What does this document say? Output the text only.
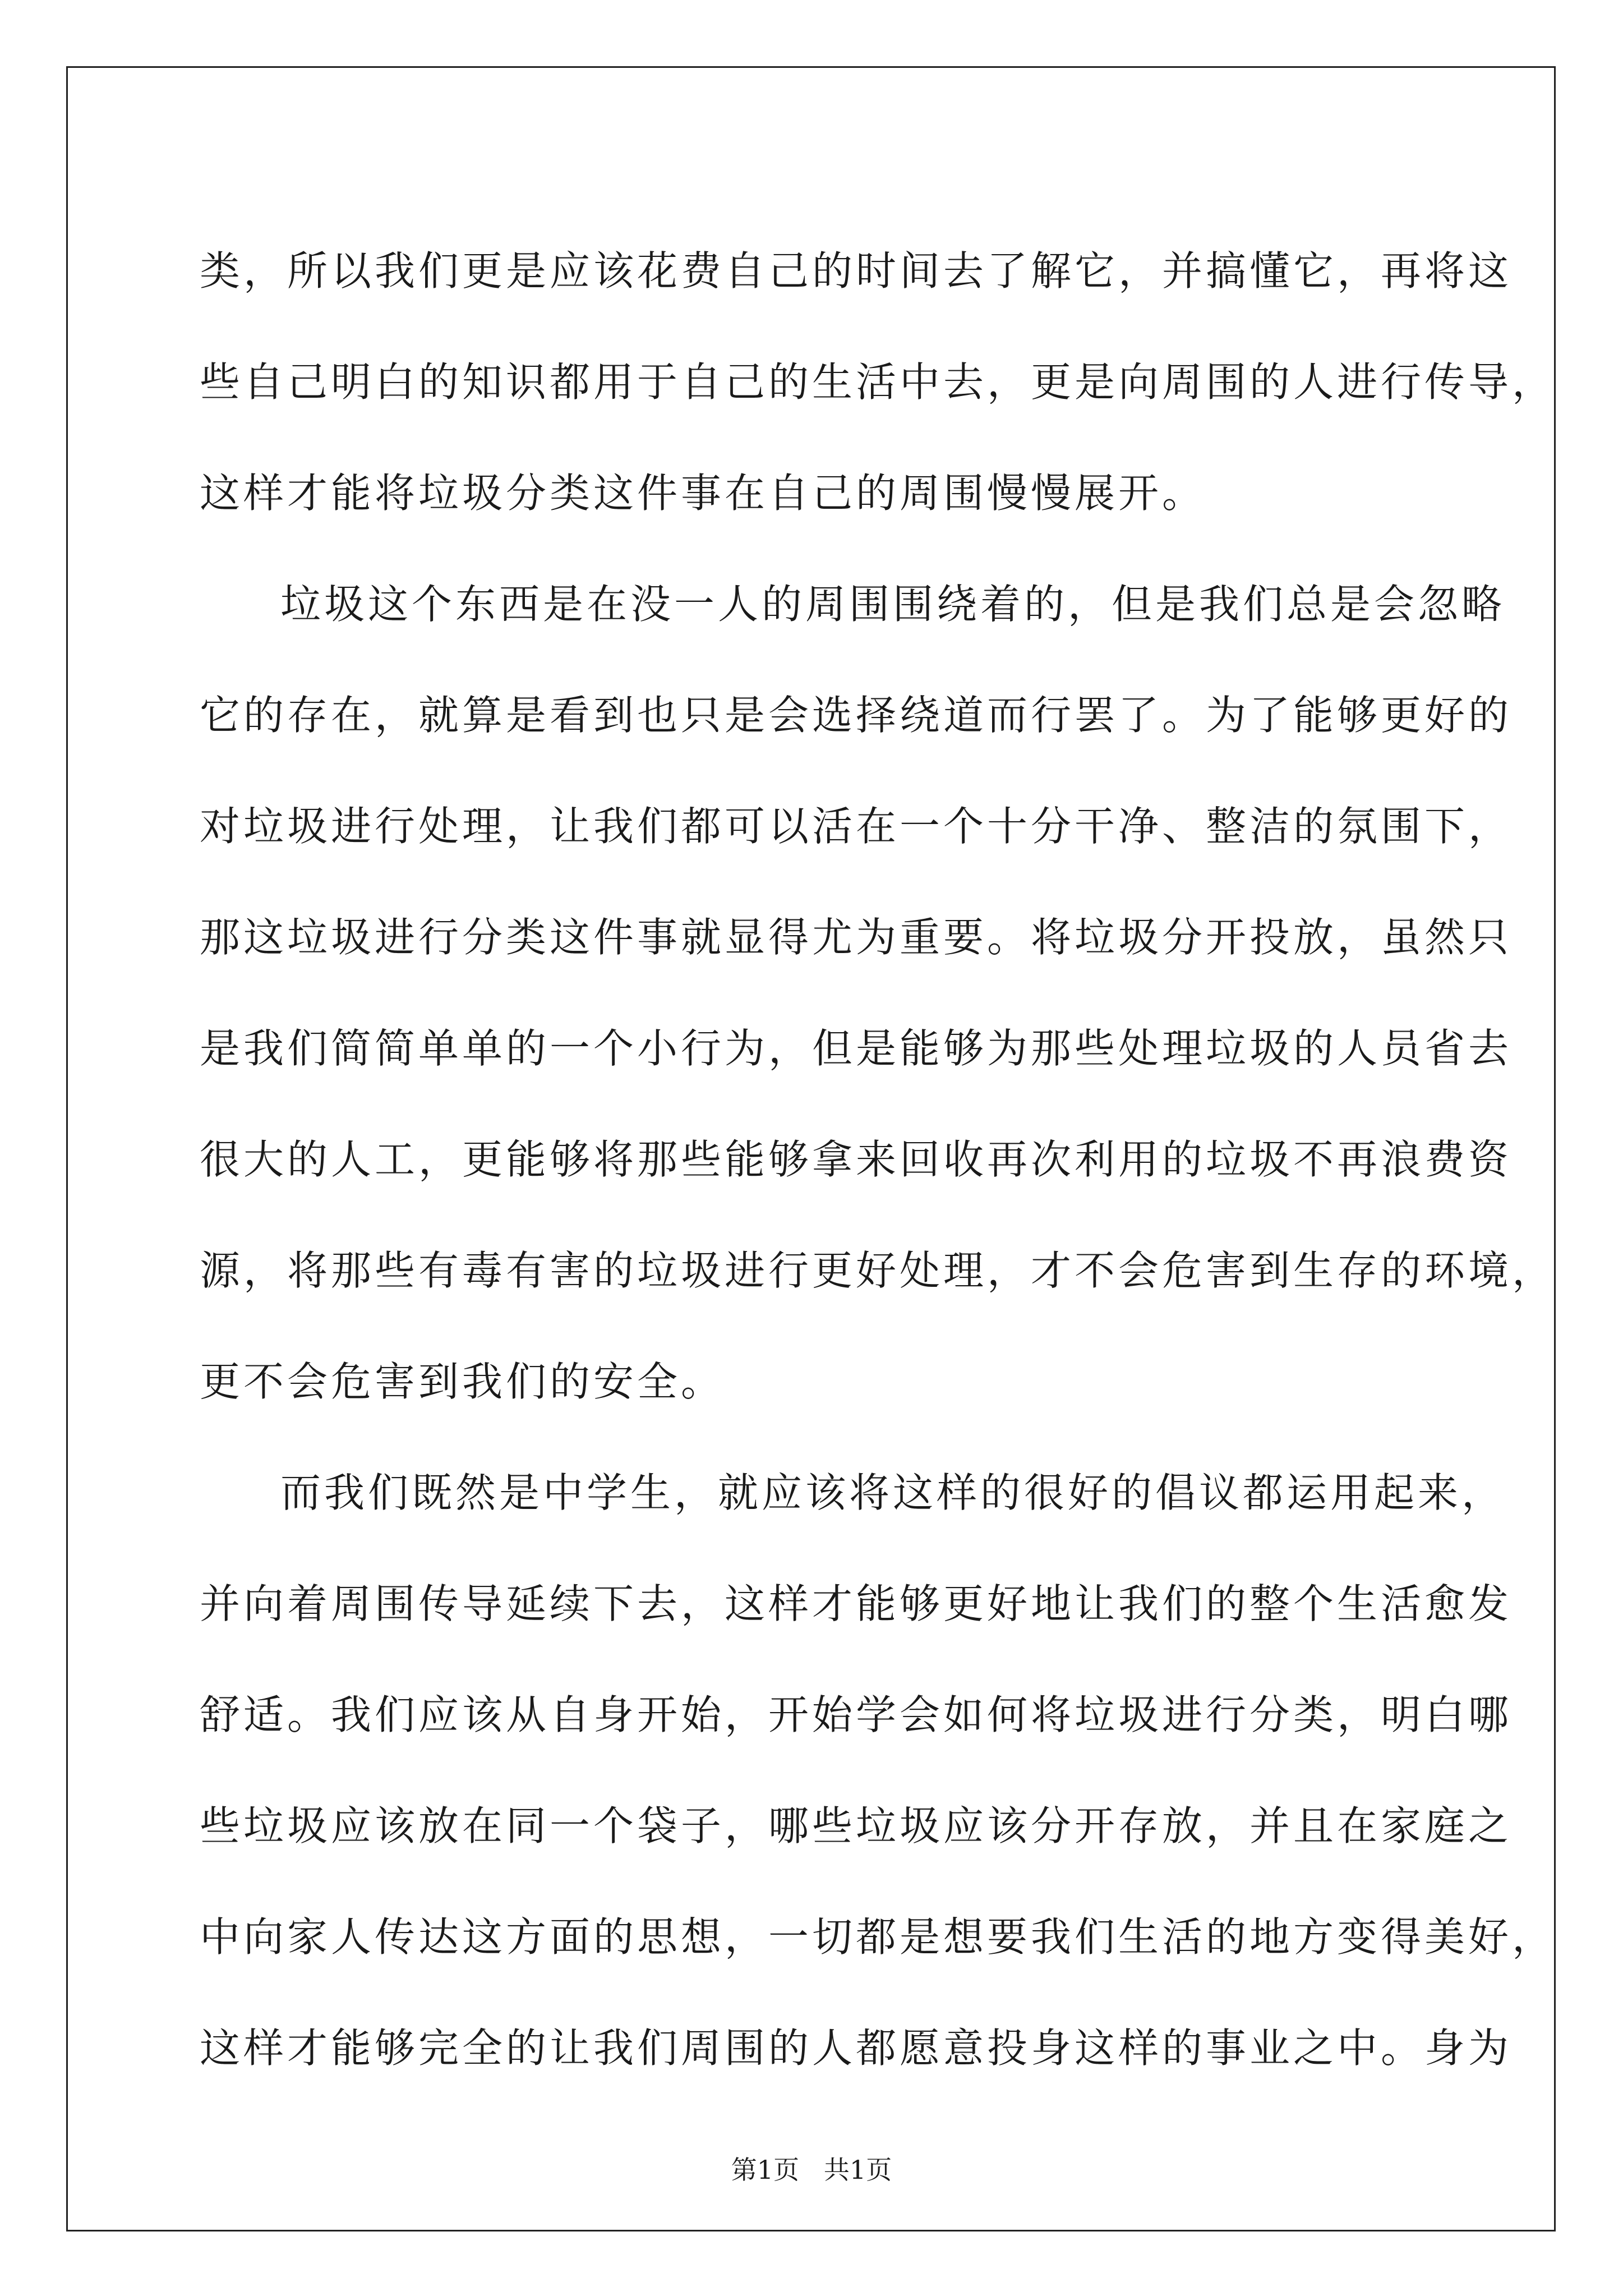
类，所以我们更是应该花费自己的时间去了解它，并搞懂它，再将这
些自己明白的知识都用于自己的生活中去，更是向周围的人进行传导，
这样才能将垃圾分类这件事在自己的周围慢慢展开。
垃圾这个东西是在没一人的周围围绕着的，但是我们总是会忽略
它的存在，就算是看到也只是会选择绕道而行罢了。为了能够更好的
对垃圾进行处理，让我们都可以活在一个十分干净、整洁的氛围下，
那这垃圾进行分类这件事就显得尤为重要。将垃圾分开投放，虽然只
是我们简简单单的一个小行为，但是能够为那些处理垃圾的人员省去
很大的人工，更能够将那些能够拿来回收再次利用的垃圾不再浪费资
源，将那些有毒有害的垃圾进行更好处理，才不会危害到生存的环境，
更不会危害到我们的安全。
而我们既然是中学生，就应该将这样的很好的倡议都运用起来，
并向着周围传导延续下去，这样才能够更好地让我们的整个生活愈发
舒适。我们应该从自身开始，开始学会如何将垃圾进行分类，明白哪
些垃圾应该放在同一个袋子，哪些垃圾应该分开存放，并且在家庭之
中向家人传达这方面的思想，一切都是想要我们生活的地方变得美好，
这样才能够完全的让我们周围的人都愿意投身这样的事业之中。身为
第1页   共1页
